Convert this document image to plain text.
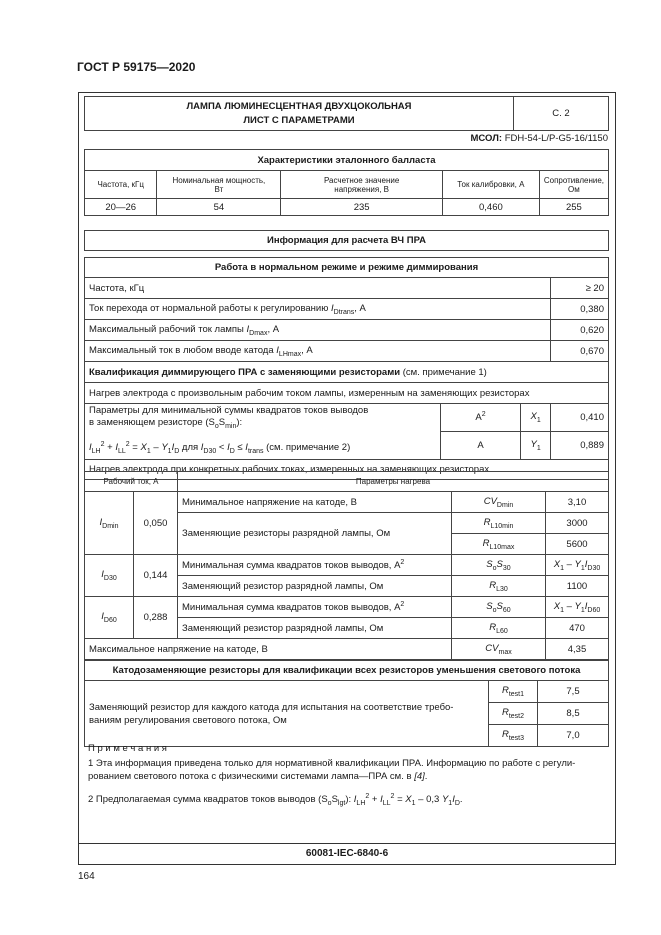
ГОСТ Р 59175—2020
ЛАМПА ЛЮМИНЕСЦЕНТНАЯ ДВУХЦОКОЛЬНАЯ
ЛИСТ С ПАРАМЕТРАМИ
	С. 2
МСОЛ: FDH-54-L/P-G5-16/1150
Характеристики эталонного балласта				
Частота, кГц	Номинальная мощность, Вт	Расчетное значение напряжения, В	Ток калибровки, А	Сопротивление, Ом
20—26	54	235	0,460	255
Информация для расчета ВЧ ПРА
Работа в нормальном режиме и режиме диммирования			
Частота, кГц			≥ 20
Ток перехода от нормальной работы к регулированию $I_{Dtrans}$, А			0,380
Максимальный рабочий ток лампы $I_{Dmax}$, А			0,620
Максимальный ток в любом вводе катода $I_{LHmax}$, А			0,670
Квалификация диммирующего ПРА с заменяющими резисторами (см. примечание 1)			
Нагрев электрода с произвольным рабочим током лампы, измеренным на заменяющих резисторах			

Параметры для минимальной суммы квадратов токов выводов
в заменяющем резисторе $(S_oS_{min})$:
$I_{LH}^2 + I_{LL}^2 = X_1 - Y_1I_D$ для $I_{D30} < I_D \le I_{trans}$ (см. примечание 2)	$A^2$	$X_1$	0,410
	A	$Y_1$	0,889
Нагрев электрода при конкретных рабочих токах, измеренных на заменяющих резисторах			
Рабочий ток, А		Параметры нагрева		
$I_{Dmin}$	0,050	Минимальное напряжение на катоде, В	$CV_{Dmin}$	3,10
		Заменяющие резисторы разрядной лампы, Ом	$R_{L10min}$	3000
			$R_{L10max}$	5600
$I_{D30}$	0,144	Минимальная сумма квадратов токов выводов, $А^2$	$S_oS_{30}$	$X_1 - Y_1I_{D30}$
		Заменяющий резистор разрядной лампы, Ом	$R_{L30}$	1100
$I_{D60}$	0,288	Минимальная сумма квадратов токов выводов, $А^2$	$S_oS_{60}$	$X_1 - Y_1I_{D60}$
		Заменяющий резистор разрядной лампы, Ом	$R_{L60}$	470
Максимальное напряжение на катоде, В			$CV_{max}$	4,35
Катодозаменяющие резисторы для квалификации всех резисторов уменьшения светового потока		

Заменяющий резистор для каждого катода для испытания на соответствие требо-
ваниям регулирования светового потока, Ом	$R_{test1}$	7,5
	$R_{test2}$	8,5
	$R_{test3}$	7,0
П р и м е ч а н и я
1 Эта информация приведена только для нормативной квалификации ПРА. Информацию по работе с регули-
рованием светового потока с физическими системами лампа—ПРА см. в [4].
2 Предполагаемая сумма квадратов токов выводов $(S_oS_{lgt})$: $I_{LH}^2 + I_{LL}^2 = X_1 - 0,3$ $Y_1I_D$.
60081-IEC-6840-6
164
